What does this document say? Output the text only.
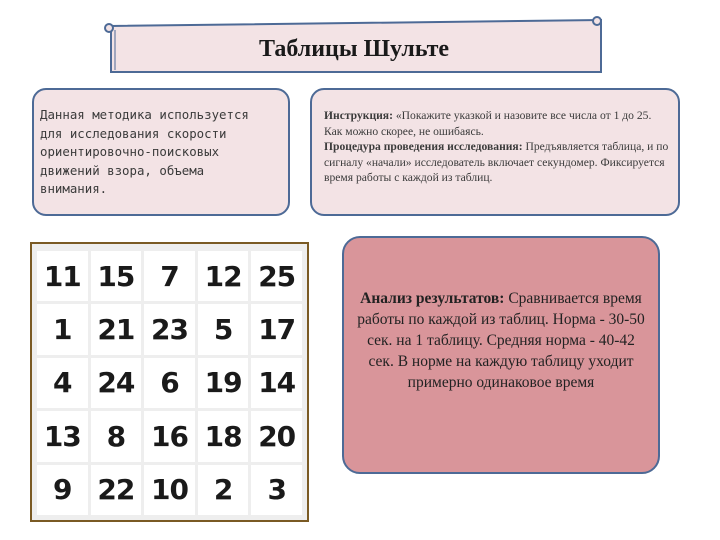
Таблицы Шульте
Данная методика используется
для исследования скорости
ориентировочно-поисковых
движений взора, объема
внимания.
Инструкция: «Покажите указкой и назовите все числа от 1 до 25. Как можно скорее, не ошибаясь.
Процедура проведения исследования: Предъявляется таблица, и по сигналу «начали» исследователь включает секундомер. Фиксируется время работы с каждой из таблиц.
11 15 7 12 25
1 21 23 5 17
4 24 6 19 14
13 8 16 18 20
9 22 10 2	3
Анализ результатов: Сравнивается время работы по каждой из таблиц. Норма - 30-50 сек. на 1 таблицу. Средняя норма - 40-42 сек. В норме на каждую таблицу уходит примерно одинаковое время
